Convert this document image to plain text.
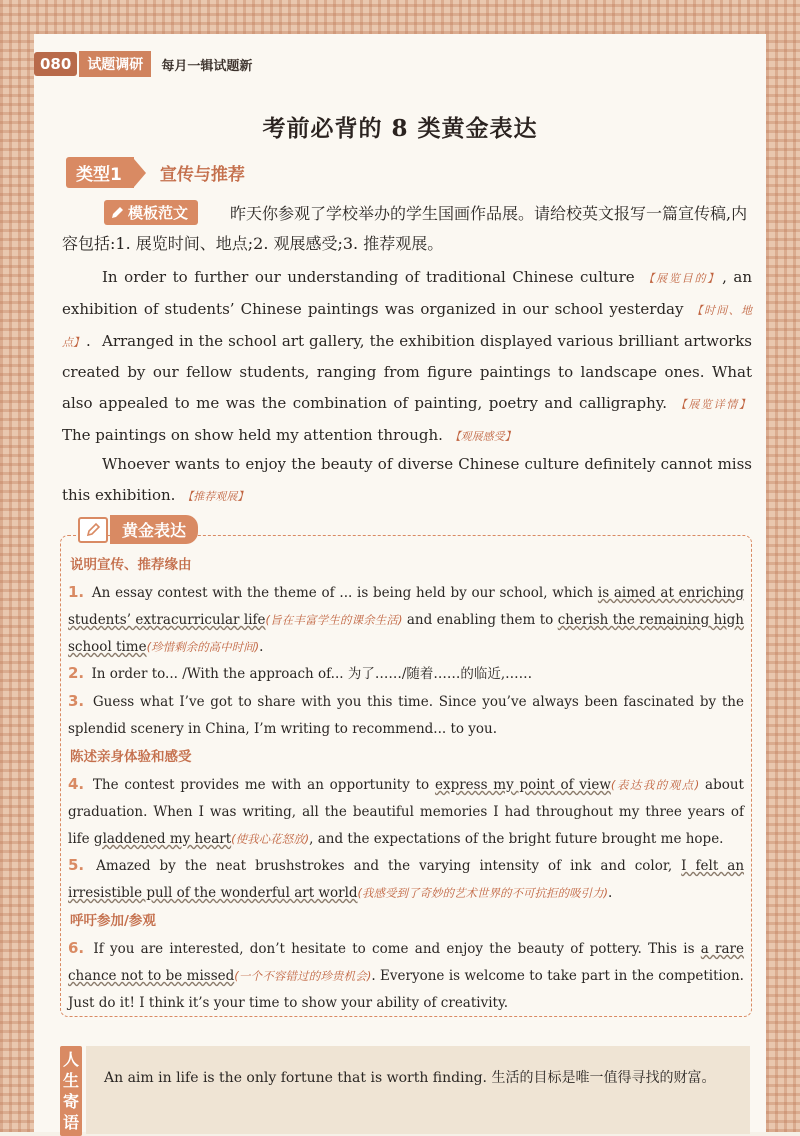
080	试题调研	每月一辑试题新
考前必背的 8 类黄金表达
类型1	宣传与推荐
昨天你参观了学校举办的学生国画作品展。请给校英文报写一篇宣传稿,内容包括:1. 展览时间、地点;2. 观展感受;3. 推荐观展。
模板范文
In order to further our understanding of traditional Chinese culture 【展览目的】 , an exhibition of students’ Chinese paintings was organized in our school yesterday 【时间、地点】 . Arranged in the school art gallery, the exhibition displayed various brilliant artworks created by our fellow students, ranging from figure paintings to landscape ones. What also appealed to me was the combination of painting, poetry and calligraphy. 【展览详情】 The paintings on show held my attention through. 【观展感受】
Whoever wants to enjoy the beauty of diverse Chinese culture definitely cannot miss this exhibition. 【推荐观展】
黄金表达
说明宣传、推荐缘由
1. An essay contest with the theme of ... is being held by our school, which is aimed at enriching students’ extracurricular life(旨在丰富学生的课余生活) and enabling them to cherish the remaining high school time(珍惜剩余的高中时间).
2. In order to... /With the approach of... 为了……/随着……的临近,……
3. Guess what I’ve got to share with you this time. Since you’ve always been fascinated by the splendid scenery in China, I’m writing to recommend... to you.
陈述亲身体验和感受
4. The contest provides me with an opportunity to express my point of view(表达我的观点) about graduation. When I was writing, all the beautiful memories I had throughout my three years of life gladdened my heart(使我心花怒放), and the expectations of the bright future brought me hope.
5. Amazed by the neat brushstrokes and the varying intensity of ink and color, I felt an irresistible pull of the wonderful art world(我感受到了奇妙的艺术世界的不可抗拒的吸引力).
呼吁参加/参观
6. If you are interested, don’t hesitate to come and enjoy the beauty of pottery. This is a rare chance not to be missed(一个不容错过的珍贵机会). Everyone is welcome to take part in the competition. Just do it! I think it’s your time to show your ability of creativity.
人生寄语
An aim in life is the only fortune that is worth finding. 生活的目标是唯一值得寻找的财富。
